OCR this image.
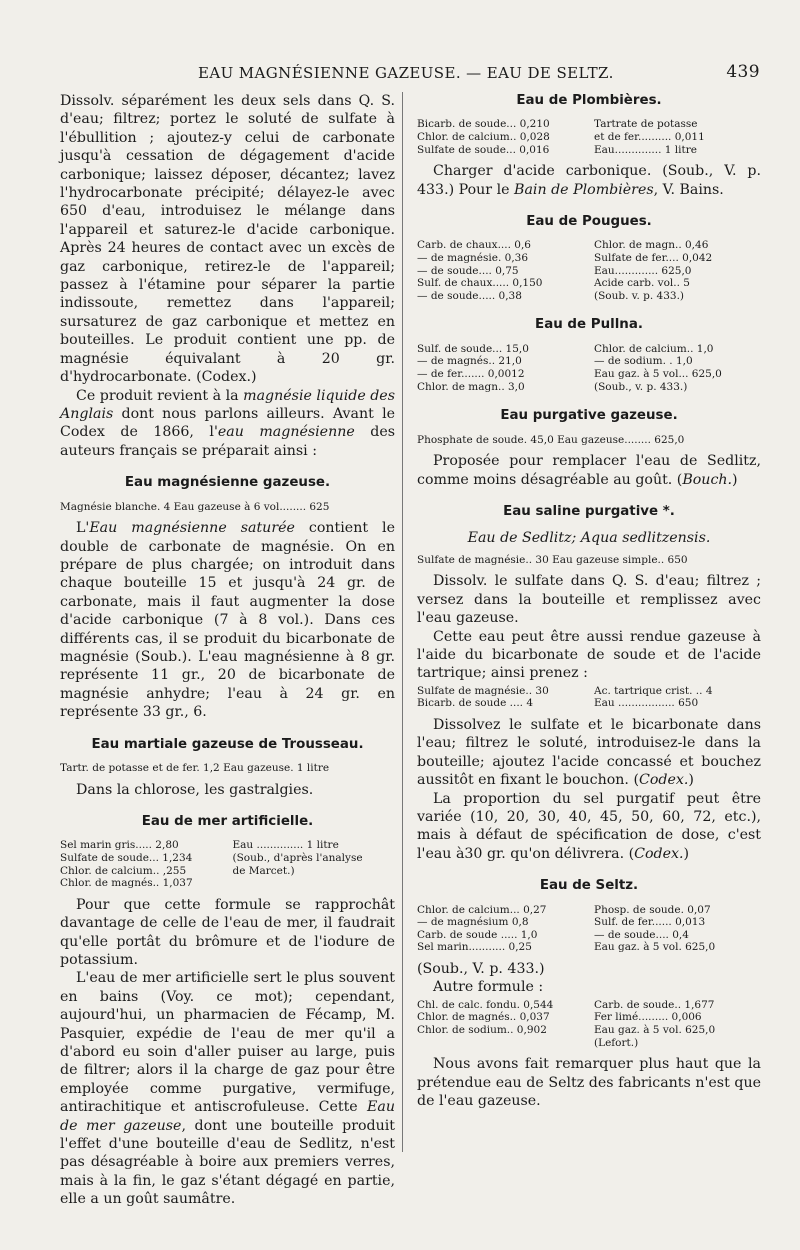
EAU MAGNÉSIENNE GAZEUSE. — EAU DE SELTZ.	439

Dissolv. séparément les deux sels dans Q. S. d'eau; filtrez; portez le soluté de sulfate à l'ébullition ; ajoutez-y celui de carbonate jusqu'à cessation de dégagement d'acide carbonique; laissez déposer, décantez; lavez l'hydrocarbonate précipité; délayez-le avec 650 d'eau, introduisez le mélange dans l'appareil et saturez-le d'acide carbonique. Après 24 heures de contact avec un excès de gaz carbonique, retirez-le de l'appareil; passez à l'étamine pour séparer la partie indissoute, remettez dans l'appareil; sursaturez de gaz carbonique et mettez en bouteilles. Le produit contient une pp. de magnésie équivalant à 20 gr. d'hydrocarbonate. (Codex.)

Ce produit revient à la magnésie liquide des Anglais dont nous parlons ailleurs. Avant le Codex de 1866, l'eau magnésienne des auteurs français se préparait ainsi :

Eau magnésienne gazeuse.
Magnésie blanche. 4 Eau gazeuse à 6 vol........ 625

L'Eau magnésienne saturée contient le double de carbonate de magnésie. On en prépare de plus chargée; on introduit dans chaque bouteille 15 et jusqu'à 24 gr. de carbonate, mais il faut augmenter la dose d'acide carbonique (7 à 8 vol.). Dans ces différents cas, il se produit du bicarbonate de magnésie (Soub.). L'eau magnésienne à 8 gr. représente 11 gr., 20 de bicarbonate de magnésie anhydre; l'eau à 24 gr. en représente 33 gr., 6.

Eau martiale gazeuse de Trousseau.
Tartr. de potasse et de fer. 1,2 Eau gazeuse. 1 litre

Dans la chlorose, les gastralgies.

Eau de mer artificielle.
Sel marin gris..... 2,80	Eau .............. 1 litre
Sulfate de soude... 1,234	(Soub., d'après l'analyse
Chlor. de calcium.. ,255	de Marcet.)
Chlor. de magnés.. 1,037

Pour que cette formule se rapprochât davantage de celle de l'eau de mer, il faudrait qu'elle portât du brômure et de l'iodure de potassium.

L'eau de mer artificielle sert le plus souvent en bains (Voy. ce mot); cependant, aujourd'hui, un pharmacien de Fécamp, M. Pasquier, expédie de l'eau de mer qu'il a d'abord eu soin d'aller puiser au large, puis de filtrer; alors il la charge de gaz pour être employée comme purgative, vermifuge, antirachitique et antiscrofuleuse. Cette Eau de mer gazeuse, dont une bouteille produit l'effet d'une bouteille d'eau de Sedlitz, n'est pas désagréable à boire aux premiers verres, mais à la fin, le gaz s'étant dégagé en partie, elle a un goût saumâtre.

Eau de Plombières.
Bicarb. de soude... 0,210	Tartrate de potasse
Chlor. de calcium.. 0,028	et de fer.......... 0,011
Sulfate de soude... 0,016	Eau.............. 1 litre

Charger d'acide carbonique. (Soub., V. p. 433.) Pour le Bain de Plombières, V. Bains.

Eau de Pougues.
Carb. de chaux.... 0,6	Chlor. de magn.. 0,46
— de magnésie. 0,36	Sulfate de fer.... 0,042
— de soude.... 0,75	Eau............. 625,0
Sulf. de chaux..... 0,150	Acide carb. vol.. 5
— de soude..... 0,38	(Soub. v. p. 433.)
Eau de Pullna.
Sulf. de soude... 15,0	Chlor. de calcium.. 1,0
— de magnés.. 21,0	— de sodium. . 1,0
— de fer....... 0,0012	Eau gaz. à 5 vol... 625,0
Chlor. de magn.. 3,0	(Soub., v. p. 433.)
Eau purgative gazeuse.
Phosphate de soude. 45,0 Eau gazeuse........ 625,0

Proposée pour remplacer l'eau de Sedlitz, comme moins désagréable au goût. (Bouch.)

Eau saline purgative *.
Eau de Sedlitz; Aqua sedlitzensis.
Sulfate de magnésie.. 30 Eau gazeuse simple.. 650

Dissolv. le sulfate dans Q. S. d'eau; filtrez ; versez dans la bouteille et remplissez avec l'eau gazeuse.

Cette eau peut être aussi rendue gazeuse à l'aide du bicarbonate de soude et de l'acide tartrique; ainsi prenez :

Sulfate de magnésie.. 30	Ac. tartrique crist. .. 4
Bicarb. de soude .... 4	Eau ................. 650

Dissolvez le sulfate et le bicarbonate dans l'eau; filtrez le soluté, introduisez-le dans la bouteille; ajoutez l'acide concassé et bouchez aussitôt en fixant le bouchon. (Codex.)

La proportion du sel purgatif peut être variée (10, 20, 30, 40, 45, 50, 60, 72, etc.), mais à défaut de spécification de dose, c'est l'eau à30 gr. qu'on délivrera. (Codex.)

Eau de Seltz.
Chlor. de calcium... 0,27	Phosp. de soude. 0,07
— de magnésium 0,8	Sulf. de fer...... 0,013
Carb. de soude ..... 1,0	— de soude.... 0,4
Sel marin........... 0,25	Eau gaz. à 5 vol. 625,0

(Soub., V. p. 433.)

Autre formule :

Chl. de calc. fondu. 0,544	Carb. de soude.. 1,677
Chlor. de magnés.. 0,037	Fer limé......... 0,006
Chlor. de sodium.. 0,902	Eau gaz. à 5 vol. 625,0
(Lefort.)

Nous avons fait remarquer plus haut que la prétendue eau de Seltz des fabricants n'est que de l'eau gazeuse.
